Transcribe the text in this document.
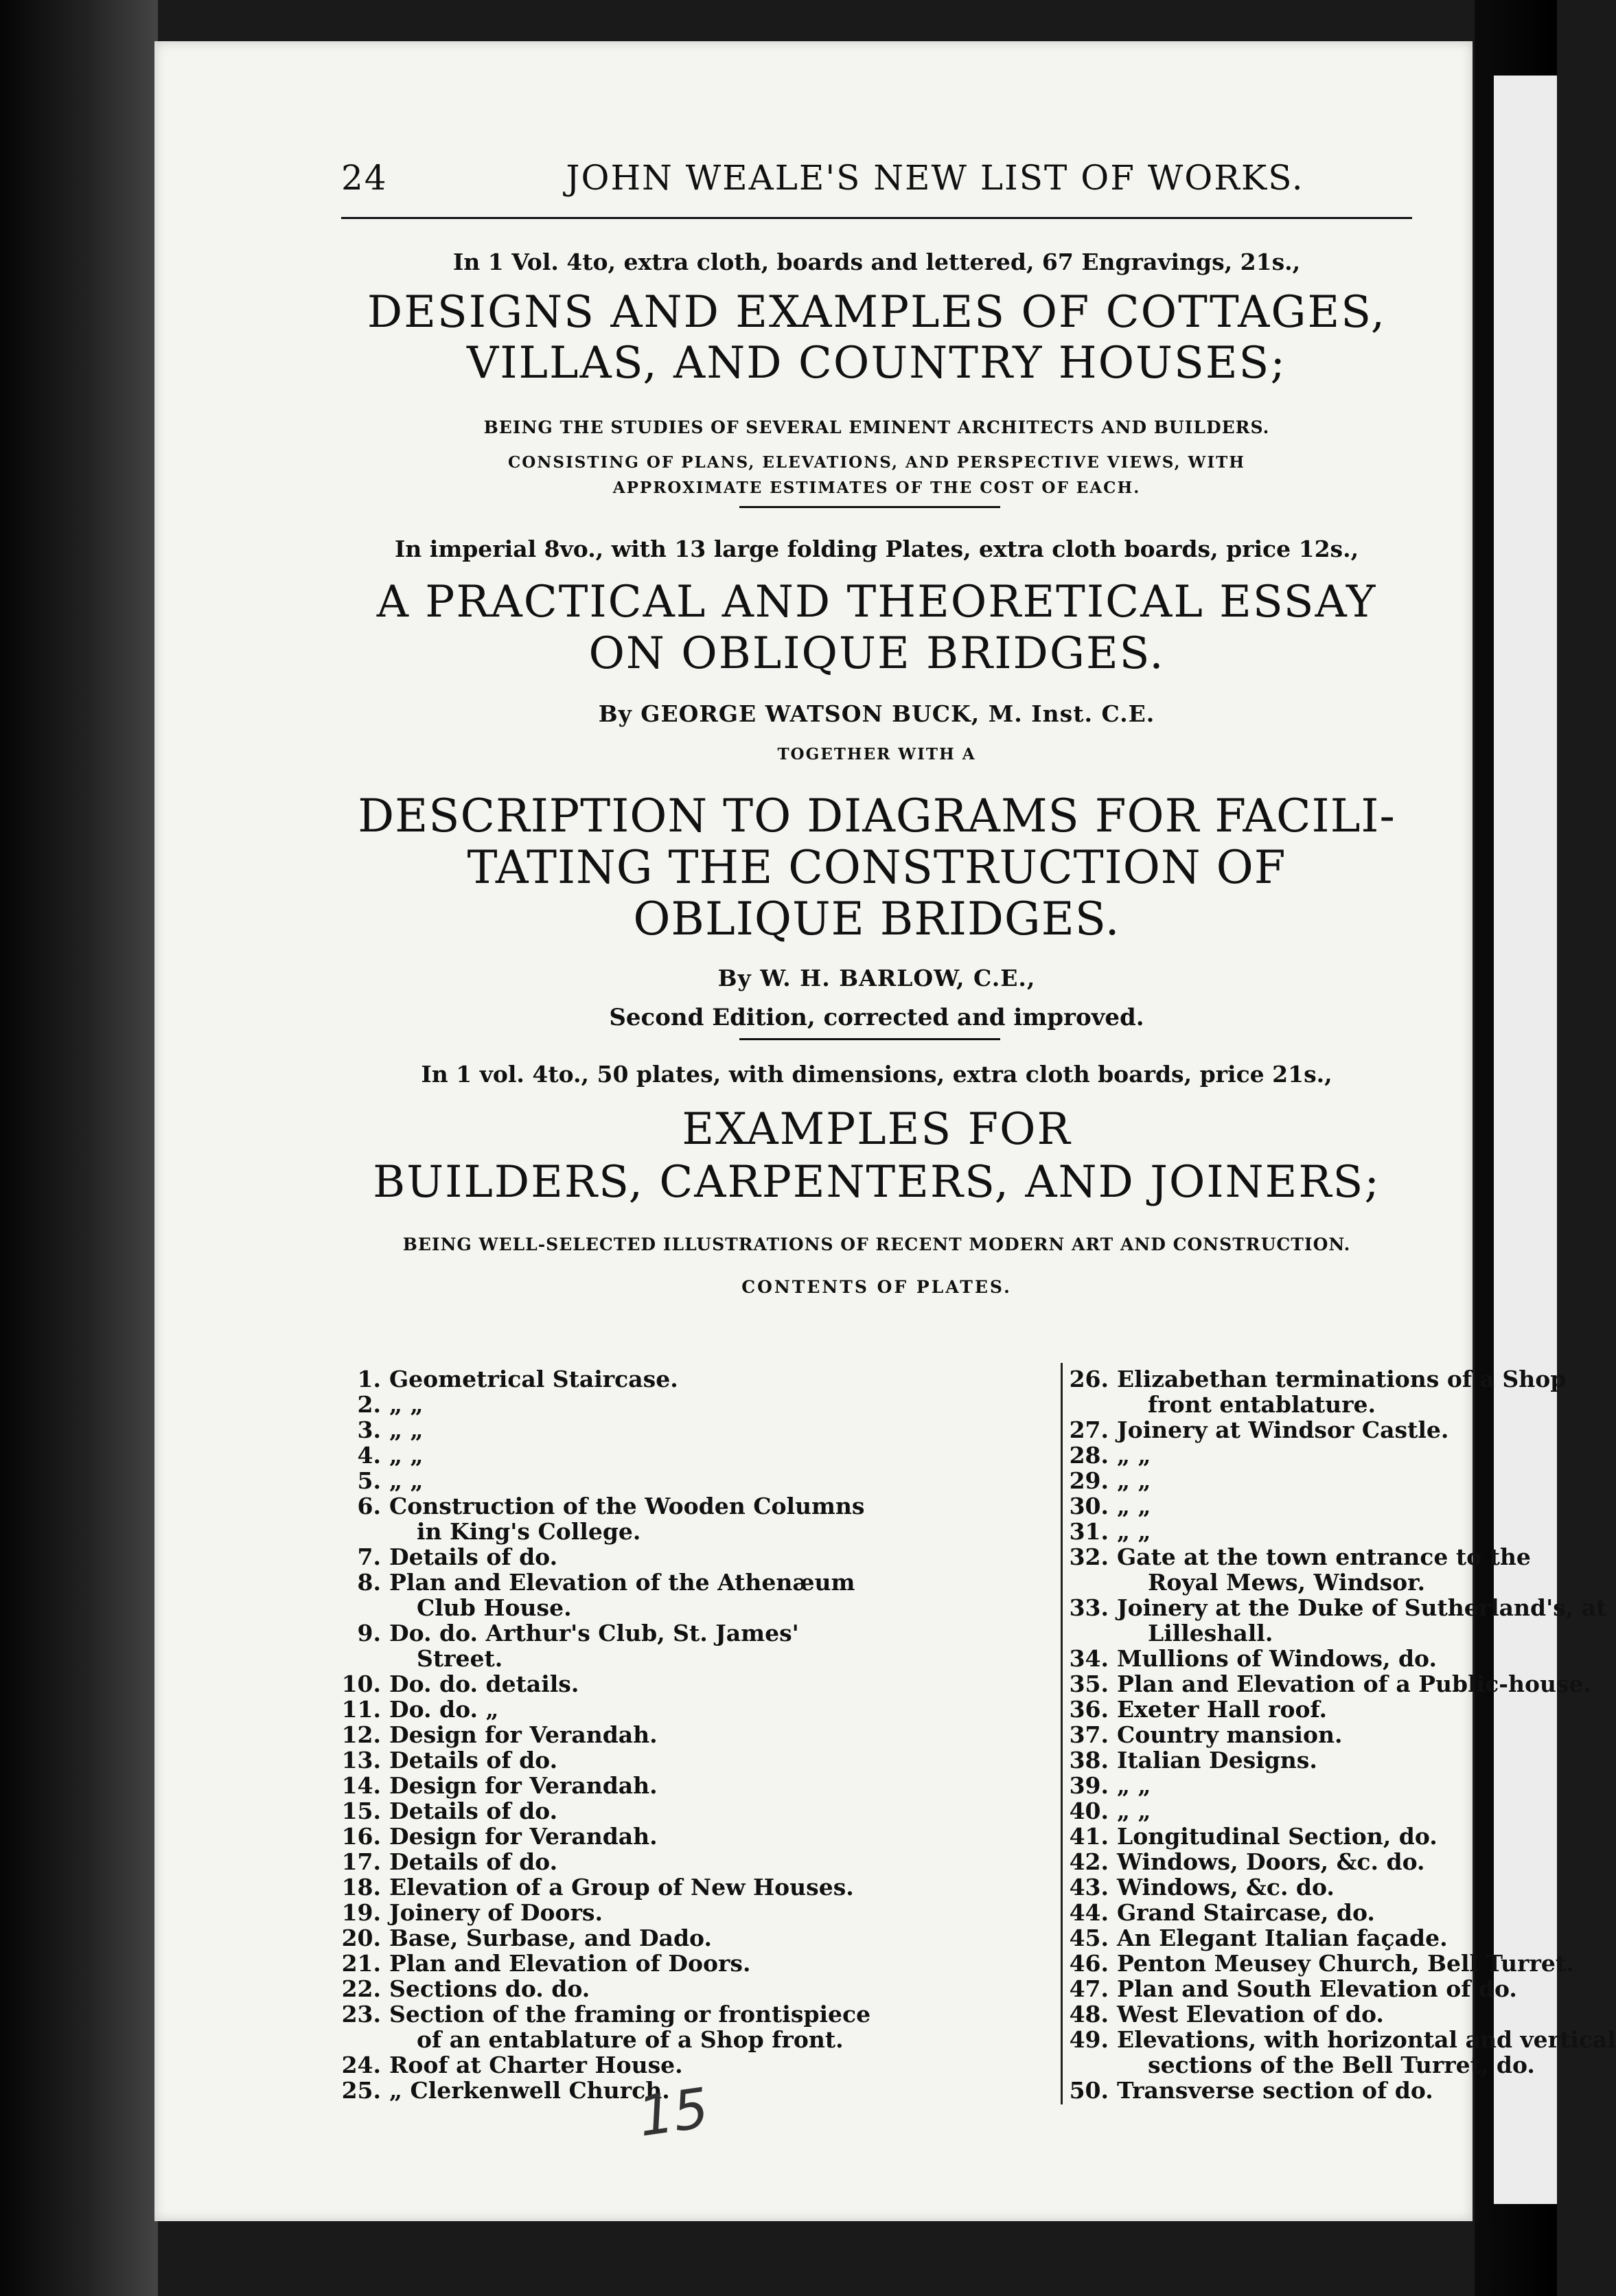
24	JOHN WEALE'S NEW LIST OF WORKS.
In 1 Vol. 4to, extra cloth, boards and lettered, 67 Engravings, 21s.,
DESIGNS AND EXAMPLES OF COTTAGES,
VILLAS, AND COUNTRY HOUSES;
BEING THE STUDIES OF SEVERAL EMINENT ARCHITECTS AND BUILDERS.
CONSISTING OF PLANS, ELEVATIONS, AND PERSPECTIVE VIEWS, WITH
APPROXIMATE ESTIMATES OF THE COST OF EACH.
In imperial 8vo., with 13 large folding Plates, extra cloth boards, price 12s.,
A PRACTICAL AND THEORETICAL ESSAY
ON OBLIQUE BRIDGES.
By GEORGE WATSON BUCK, M. Inst. C.E.
TOGETHER WITH A
DESCRIPTION TO DIAGRAMS FOR FACILI-
TATING THE CONSTRUCTION OF
OBLIQUE BRIDGES.
By W. H. BARLOW, C.E.,
Second Edition, corrected and improved.
In 1 vol. 4to., 50 plates, with dimensions, extra cloth boards, price 21s.,
EXAMPLES FOR
BUILDERS, CARPENTERS, AND JOINERS;
BEING WELL-SELECTED ILLUSTRATIONS OF RECENT MODERN ART AND CONSTRUCTION.
CONTENTS OF PLATES.
1. Geometrical Staircase.
2. „ „
3. „ „
4. „ „
5. „ „
6. Construction of the Wooden Columns
in King's College.
7. Details of do.
8. Plan and Elevation of the Athenæum
Club House.
9. Do. do. Arthur's Club, St. James'
Street.
10. Do. do. details.
11. Do. do. „
12. Design for Verandah.
13. Details of do.
14. Design for Verandah.
15. Details of do.
16. Design for Verandah.
17. Details of do.
18. Elevation of a Group of New Houses.
19. Joinery of Doors.
20. Base, Surbase, and Dado.
21. Plan and Elevation of Doors.
22. Sections do. do.
23. Section of the framing or frontispiece
of an entablature of a Shop front.
24. Roof at Charter House.
25. „ Clerkenwell Church.
26. Elizabethan terminations of a Shop
front entablature.
27. Joinery at Windsor Castle.
28. „ „
29. „ „
30. „ „
31. „ „
32. Gate at the town entrance to the
Royal Mews, Windsor.
33. Joinery at the Duke of Sutherland's, at
Lilleshall.
34. Mullions of Windows, do.
35. Plan and Elevation of a Public-house.
36. Exeter Hall roof.
37. Country mansion.
38. Italian Designs.
39. „ „
40. „ „
41. Longitudinal Section, do.
42. Windows, Doors, &c. do.
43. Windows, &c. do.
44. Grand Staircase, do.
45. An Elegant Italian façade.
46. Penton Meusey Church, Bell Turret.
47. Plan and South Elevation of do.
48. West Elevation of do.
49. Elevations, with horizontal and vertical
sections of the Bell Turret, do.
50. Transverse section of do.
15
